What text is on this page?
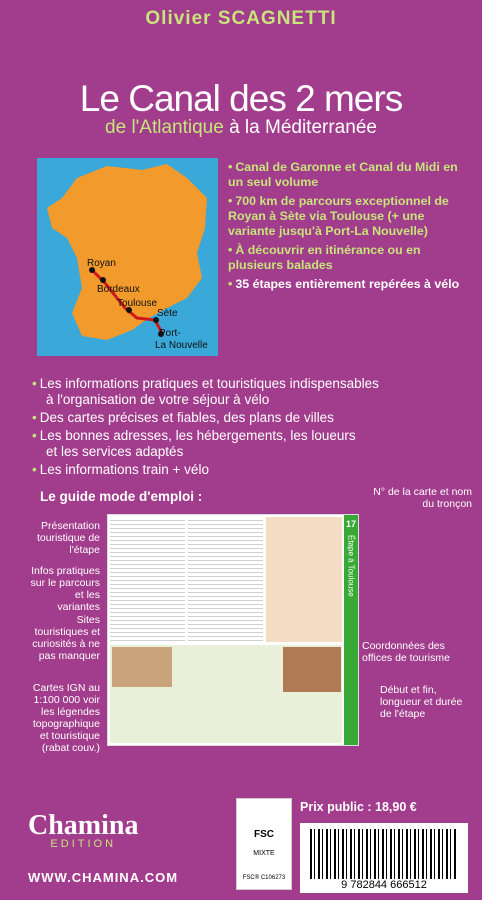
Olivier SCAGNETTI
Le Canal des 2 mers
de l'Atlantique à la Méditerranée
Royan
Bordeaux
Toulouse
Sète
Port-
La Nouvelle
• Canal de Garonne et Canal du Midi en un seul volume
• 700 km de parcours exceptionnel de Royan à Sète via Toulouse (+ une variante jusqu'à Port-La Nouvelle)
• À découvrir en itinérance ou en plusieurs balades
• 35 étapes entièrement repérées à vélo
• Les informations pratiques et touristiques indispensables
à l'organisation de votre séjour à vélo
• Des cartes précises et fiables, des plans de villes
• Les bonnes adresses, les hébergements, les loueurs
et les services adaptés
• Les informations train + vélo
Le guide mode d'emploi :
Présentation touristique de l'étape
Infos pratiques sur le parcours et les variantes
Sites touristiques et curiosités à ne pas manquer
Cartes IGN au 1:100 000 voir les légendes topographique et touristique (rabat couv.)
N° de la carte et nom du tronçon
Coordonnées des offices de tourisme
Début et fin, longueur et durée de l'étape
17
Étape à Toulouse
Chamina
EDITION
WWW.CHAMINA.COM
FSC
MIXTE
FSC® C106273
Prix public : 18,90 €
9 782844 666512
